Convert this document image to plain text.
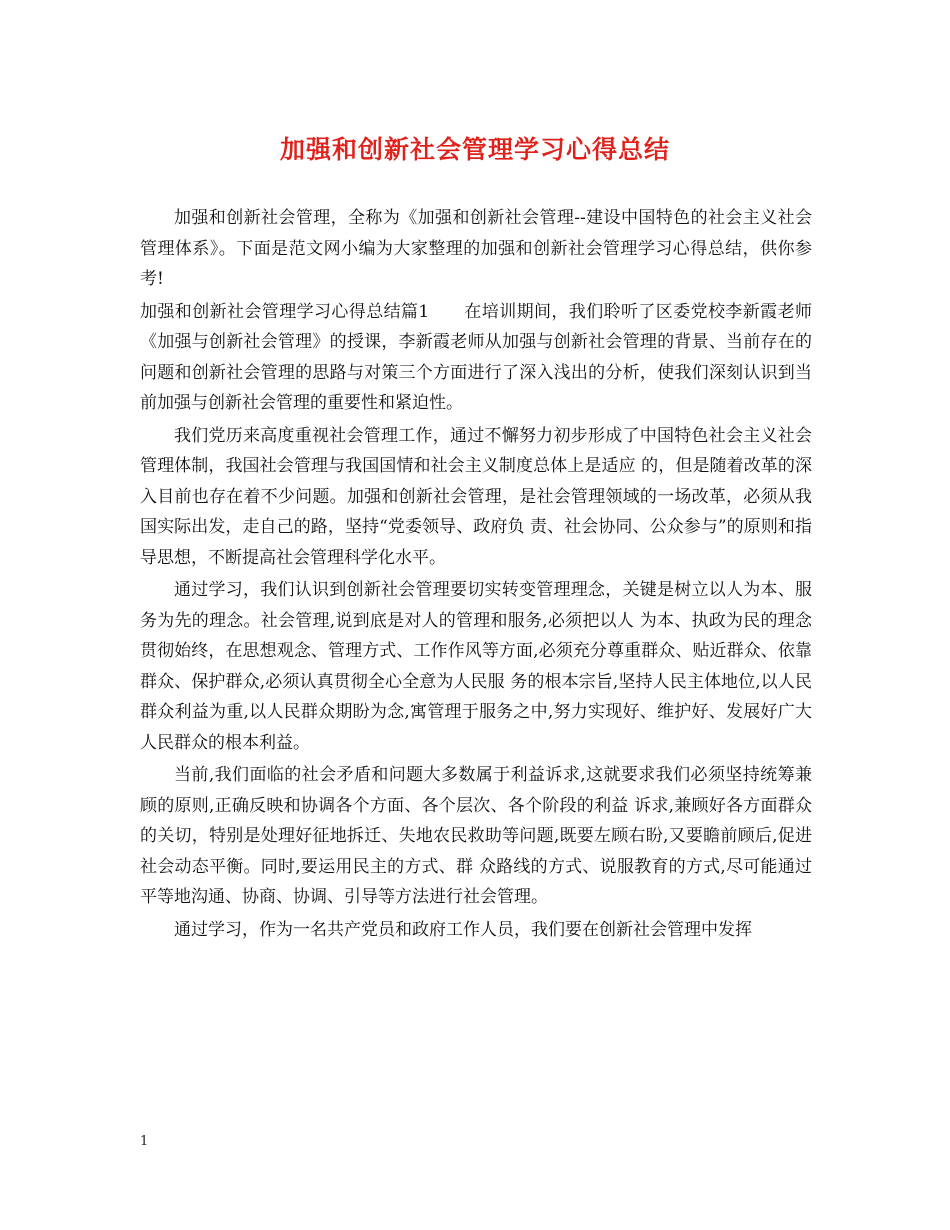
加强和创新社会管理学习心得总结

加强和创新社会管理，全称为《加强和创新社会管理--建设中国特色的社会主义社会管理体系》。下面是范文网小编为大家整理的加强和创新社会管理学习心得总结，供你参考!

加强和创新社会管理学习心得总结篇1　　在培训期间，我们聆听了区委党校李新霞老师《加强与创新社会管理》的授课，李新霞老师从加强与创新社会管理的背景、当前存在的问题和创新社会管理的思路与对策三个方面进行了深入浅出的分析，使我们深刻认识到当前加强与创新社会管理的重要性和紧迫性。

我们党历来高度重视社会管理工作，通过不懈努力初步形成了中国特色社会主义社会管理体制，我国社会管理与我国国情和社会主义制度总体上是适应 的，但是随着改革的深入目前也存在着不少问题。加强和创新社会管理，是社会管理领域的一场改革，必须从我国实际出发，走自己的路，坚持“党委领导、政府负 责、社会协同、公众参与”的原则和指导思想，不断提高社会管理科学化水平。

通过学习，我们认识到创新社会管理要切实转变管理理念，关键是树立以人为本、服务为先的理念。社会管理,说到底是对人的管理和服务,必须把以人 为本、执政为民的理念贯彻始终，在思想观念、管理方式、工作作风等方面,必须充分尊重群众、贴近群众、依靠群众、保护群众,必须认真贯彻全心全意为人民服 务的根本宗旨,坚持人民主体地位,以人民群众利益为重,以人民群众期盼为念,寓管理于服务之中,努力实现好、维护好、发展好广大人民群众的根本利益。

当前,我们面临的社会矛盾和问题大多数属于利益诉求,这就要求我们必须坚持统筹兼顾的原则,正确反映和协调各个方面、各个层次、各个阶段的利益 诉求,兼顾好各方面群众的关切，特别是处理好征地拆迁、失地农民救助等问题,既要左顾右盼,又要瞻前顾后,促进社会动态平衡。同时,要运用民主的方式、群 众路线的方式、说服教育的方式,尽可能通过平等地沟通、协商、协调、引导等方法进行社会管理。

通过学习，作为一名共产党员和政府工作人员，我们要在创新社会管理中发挥

1
